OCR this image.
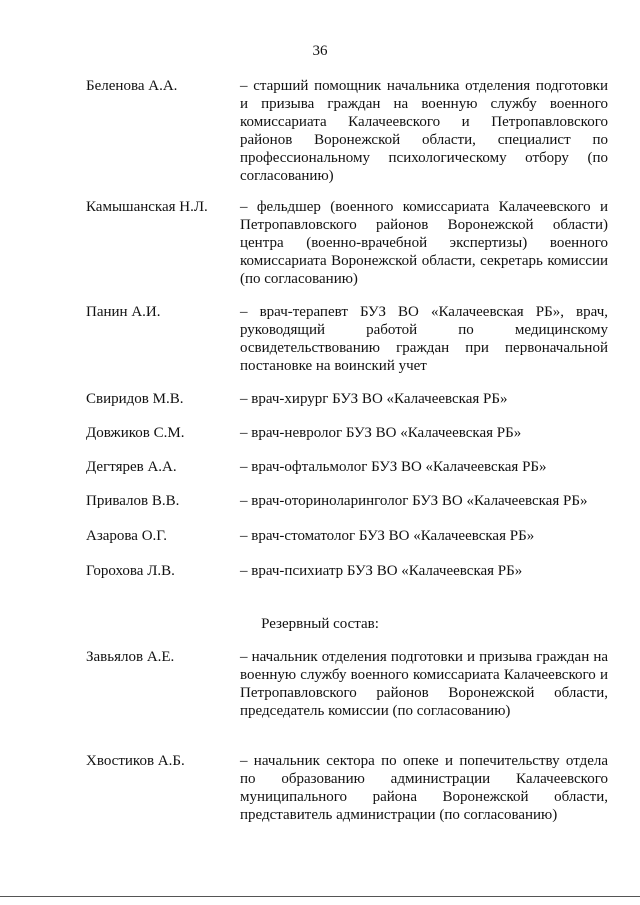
36
Беленова А.А.	– старший помощник начальника отделения подготовки и призыва граждан на военную службу военного комиссариата Калачеевского и Петропавловского районов Воронежской области, специалист по профессиональному психологическому отбору (по согласованию)
Камышанская Н.Л. – фельдшер (военного комиссариата Калачеевского и Петропавловского районов Воронежской области) центра (военно-врачебной экспертизы) военного комиссариата Воронежской области, секретарь комиссии (по согласованию)
Панин А.И.	– врач-терапевт БУЗ ВО «Калачеевская РБ», врач, руководящий работой по медицинскому освидетельствованию граждан при первоначальной постановке на воинский учет
Свиридов М.В.	– врач-хирург БУЗ ВО «Калачеевская РБ»
Довжиков С.М.	– врач-невролог БУЗ ВО «Калачеевская РБ»
Дегтярев А.А.	– врач-офтальмолог БУЗ ВО «Калачеевская РБ»
Привалов В.В.	– врач-оториноларинголог БУЗ ВО «Калачеевская РБ»
Азарова О.Г.	– врач-стоматолог БУЗ ВО «Калачеевская РБ»
Горохова Л.В.	– врач-психиатр БУЗ ВО «Калачеевская РБ»
Резервный состав:
Завьялов А.Е.	– начальник отделения подготовки и призыва граждан на военную службу военного комиссариата Калачеевского и Петропавловского районов Воронежской области, председатель комиссии (по согласованию)
Хвостиков А.Б.	– начальник сектора по опеке и попечительству отдела по образованию администрации Калачеевского муниципального района Воронежской области, представитель администрации (по согласованию)
